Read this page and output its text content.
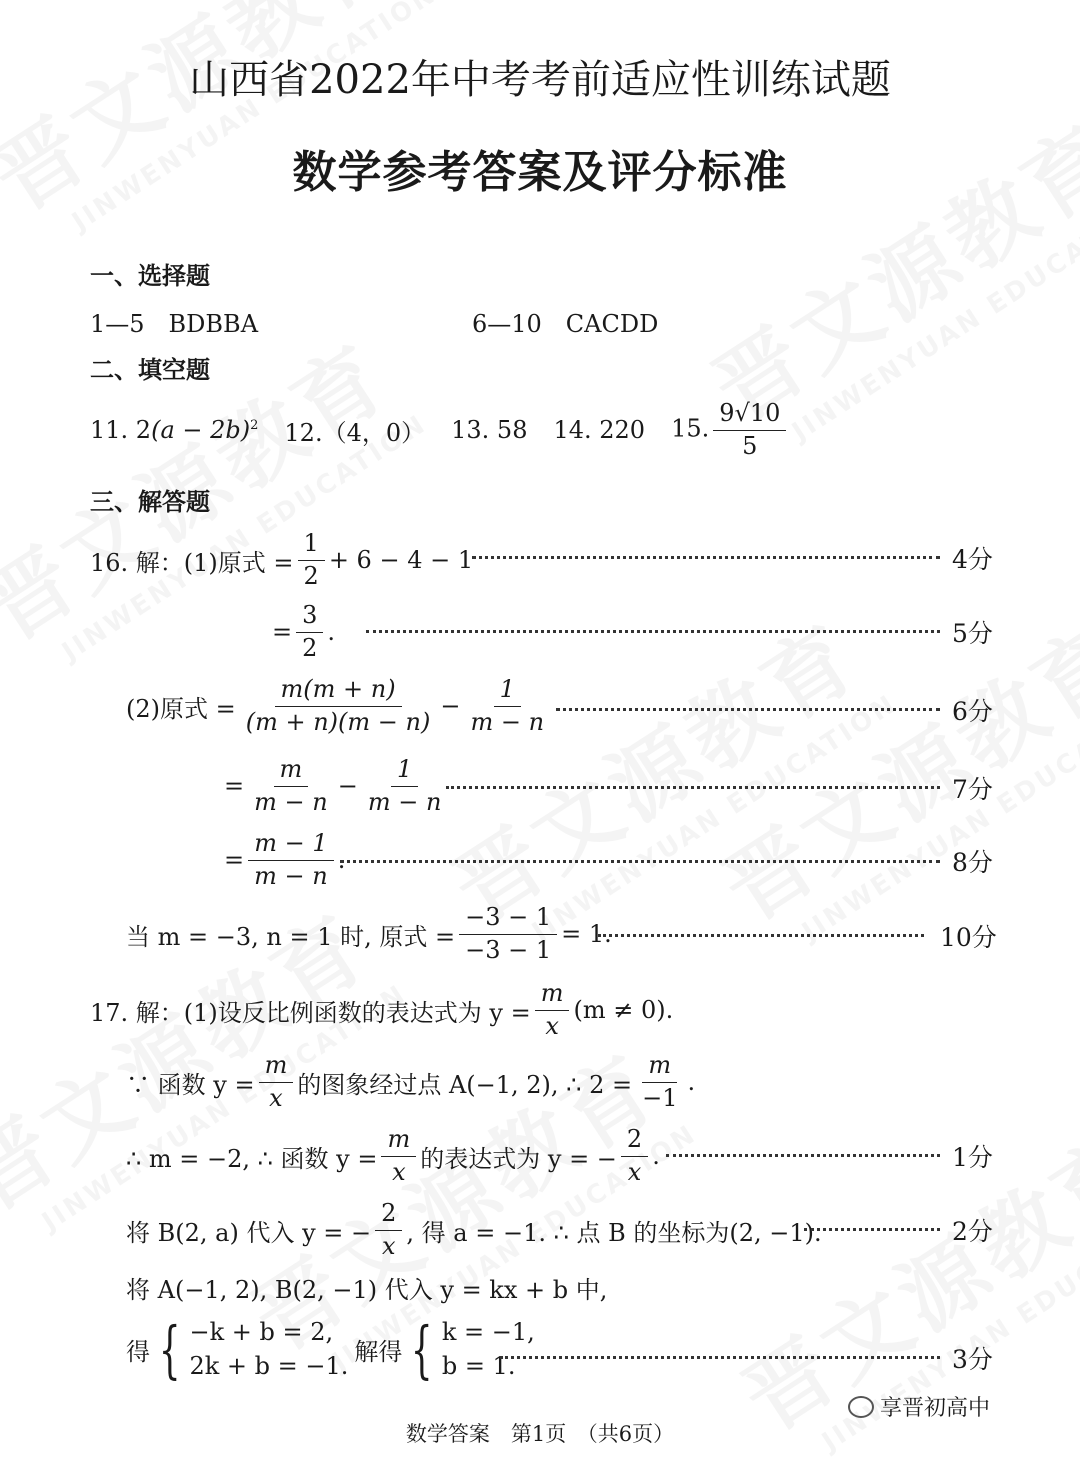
山西省2022年中考考前适应性训练试题
数学参考答案及评分标准
一、选择题
1—5　BDBBA	6—10　CACDD
二、填空题
11. $2(a - 2b)^2$ 12.（4，0） 13. 58 14. 220 15. $\frac{9√10}{5}$
三、解答题
16. 解：(1)原式 = $\frac{1}{2} + 6 - 4 - 1$	4分
= $\frac{3}{2}$ .	5分
(2)原式 = $\frac{m(m + n)}{(m + n)(m - n)} - \frac{1}{m - n}$	6分
= $\frac{m}{m - n} - \frac{1}{m - n}$	7分
= $\frac{m - 1}{m - n}$ .	8分
当 m = −3, n = 1 时, 原式 = $\frac{-3 - 1}{-3 - 1} = 1$.	10分
17. 解：(1)设反比例函数的表达式为 $y = \frac{m}{x} (m \ne 0)$.
∵ 函数 $y = \frac{m}{x}$ 的图象经过点 A(−1, 2), ∴ $2 = \frac{m}{-1}$ .
∴ m = −2, ∴ 函数 $y = \frac{m}{x}$ 的表达式为 y = − $\frac{2}{x}$ .	1分
将 B(2, a) 代入 y = − $\frac{2}{x}$ , 得 a = −1. ∴ 点 B 的坐标为(2, −1).	2分
将 A(−1, 2), B(2, −1) 代入 y = kx + b 中,
得 { −k + b = 2,
2k + b = −1. 解得 { k = −1,
b = 1.	3分
享晋初高中
数学答案　第1页　（共6页）
